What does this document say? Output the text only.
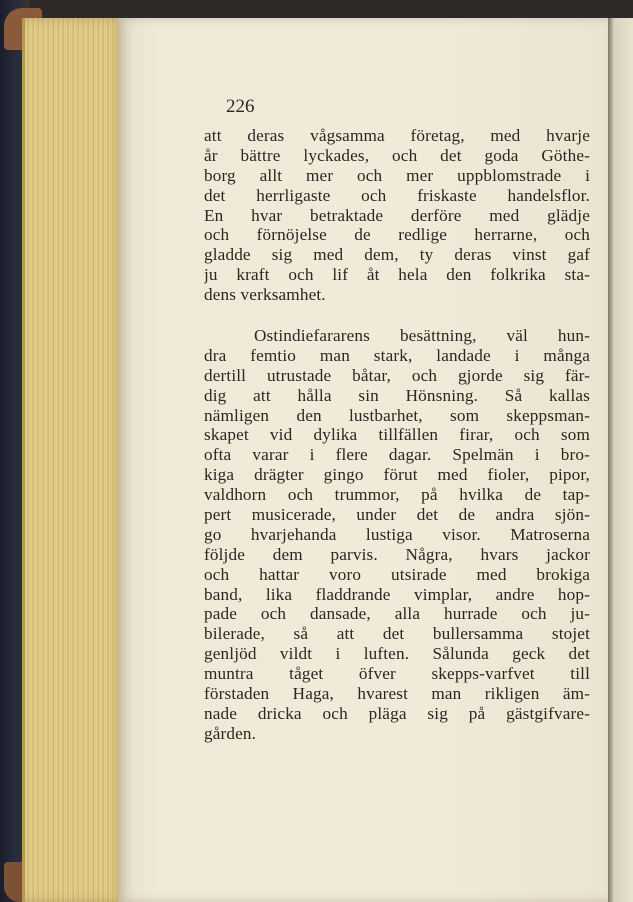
226
att deras vågsamma företag, med hvarje
år bättre lyckades, och det goda Göthe-
borg allt mer och mer uppblomstrade i
det herrligaste och friskaste handelsflor.
En hvar betraktade derföre med glädje
och förnöjelse de redlige herrarne, och
gladde sig med dem, ty deras vinst gaf
ju kraft och lif åt hela den folkrika sta-
dens verksamhet.
Ostindiefararens besättning, väl hun-
dra femtio man stark, landade i många
dertill utrustade båtar, och gjorde sig fär-
dig att hålla sin Hönsning. Så kallas
nämligen den lustbarhet, som skeppsman-
skapet vid dylika tillfällen firar, och som
ofta varar i flere dagar. Spelmän i bro-
kiga drägter gingo förut med fioler, pipor,
valdhorn och trummor, på hvilka de tap-
pert musicerade, under det de andra sjön-
go hvarjehanda lustiga visor. Matroserna
följde dem parvis. Några, hvars jackor
och hattar voro utsirade med brokiga
band, lika fladdrande vimplar, andre hop-
pade och dansade, alla hurrade och ju-
bilerade, så att det bullersamma stojet
genljöd vildt i luften. Sålunda geck det
muntra tåget öfver skepps-varfvet till
förstaden Haga, hvarest man rikligen äm-
nade dricka och pläga sig på gästgifvare-
gården.
